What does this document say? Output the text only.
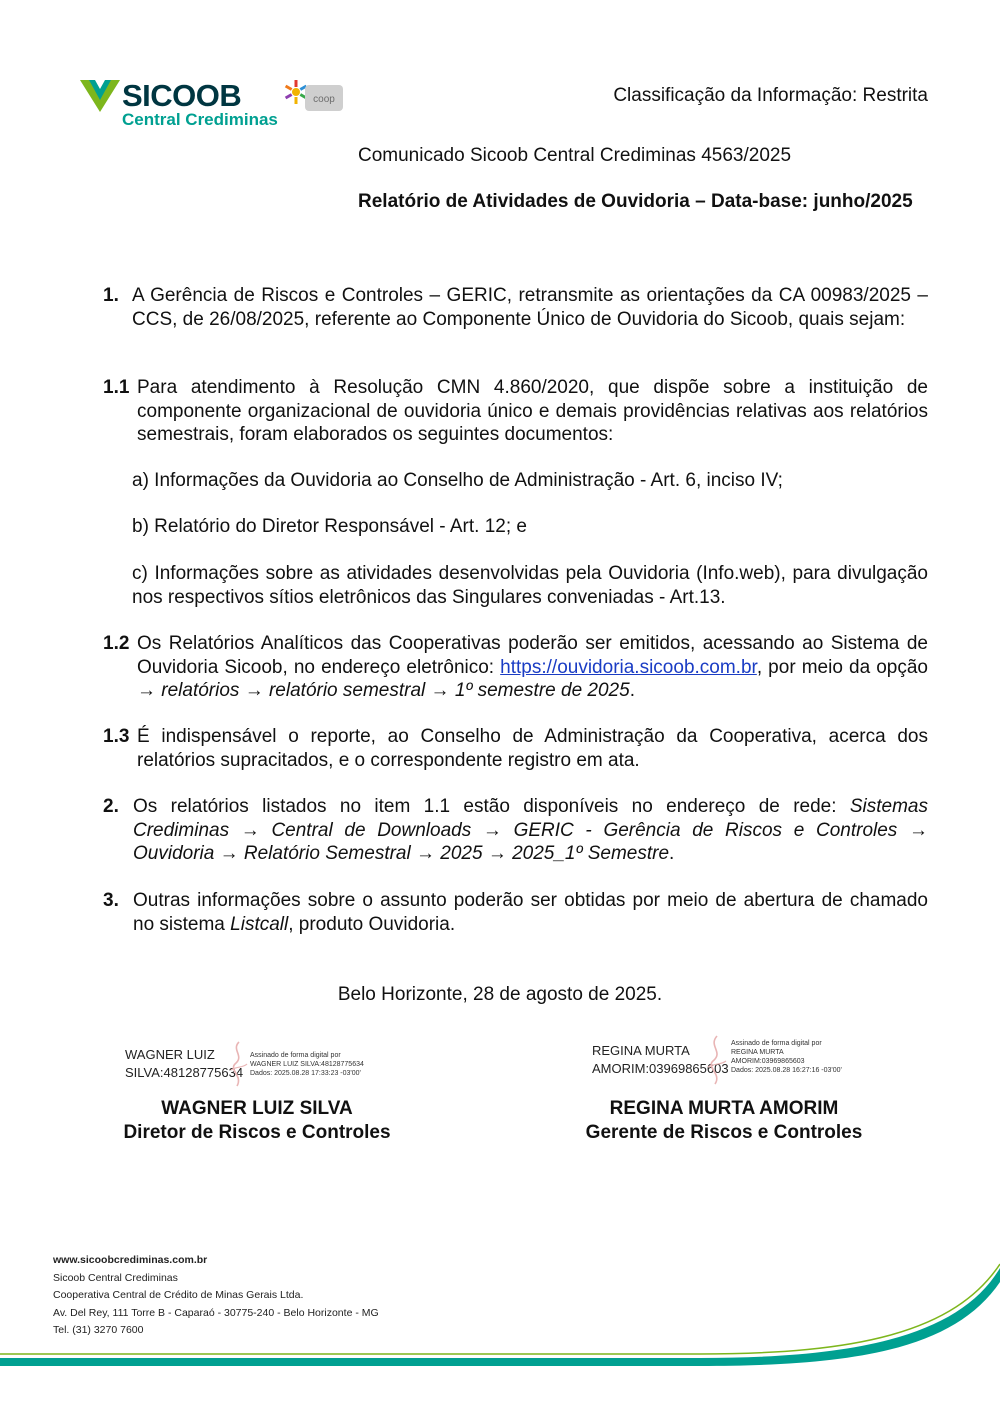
SICOOB
Central Crediminas
coop	Classificação da Informação: Restrita
Comunicado Sicoob Central Crediminas 4563/2025
Relatório de Atividades de Ouvidoria – Data-base: junho/2025
1. A Gerência de Riscos e Controles – GERIC, retransmite as orientações da CA 00983/2025 – CCS, de 26/08/2025, referente ao Componente Único de Ouvidoria do Sicoob, quais sejam:
1.1 Para atendimento à Resolução CMN 4.860/2020, que dispõe sobre a instituição de componente organizacional de ouvidoria único e demais providências relativas aos relatórios semestrais, foram elaborados os seguintes documentos:
a) Informações da Ouvidoria ao Conselho de Administração - Art. 6, inciso IV;
b) Relatório do Diretor Responsável - Art. 12; e
c) Informações sobre as atividades desenvolvidas pela Ouvidoria (Info.web), para divulgação nos respectivos sítios eletrônicos das Singulares conveniadas - Art.13.
1.2 Os Relatórios Analíticos das Cooperativas poderão ser emitidos, acessando ao Sistema de Ouvidoria Sicoob, no endereço eletrônico: https://ouvidoria.sicoob.com.br, por meio da opção → relatórios → relatório semestral → 1º semestre de 2025.
1.3 É indispensável o reporte, ao Conselho de Administração da Cooperativa, acerca dos relatórios supracitados, e o correspondente registro em ata.
2. Os relatórios listados no item 1.1 estão disponíveis no endereço de rede: Sistemas Crediminas → Central de Downloads → GERIC - Gerência de Riscos e Controles → Ouvidoria → Relatório Semestral → 2025 → 2025_1º Semestre.
3. Outras informações sobre o assunto poderão ser obtidas por meio de abertura de chamado no sistema Listcall, produto Ouvidoria.
Belo Horizonte, 28 de agosto de 2025.
WAGNER LUIZ
SILVA:48128775634
Assinado de forma digital por
WAGNER LUIZ SILVA:48128775634
Dados: 2025.08.28 17:33:23 -03'00'
WAGNER LUIZ SILVA
Diretor de Riscos e Controles
REGINA MURTA
AMORIM:03969865603
Assinado de forma digital por
REGINA MURTA
AMORIM:03969865603
Dados: 2025.08.28 16:27:16 -03'00'
REGINA MURTA AMORIM
Gerente de Riscos e Controles
www.sicoobcrediminas.com.br
Sicoob Central Crediminas
Cooperativa Central de Crédito de Minas Gerais Ltda.
Av. Del Rey, 111 Torre B - Caparaó - 30775-240 - Belo Horizonte - MG
Tel. (31) 3270 7600
